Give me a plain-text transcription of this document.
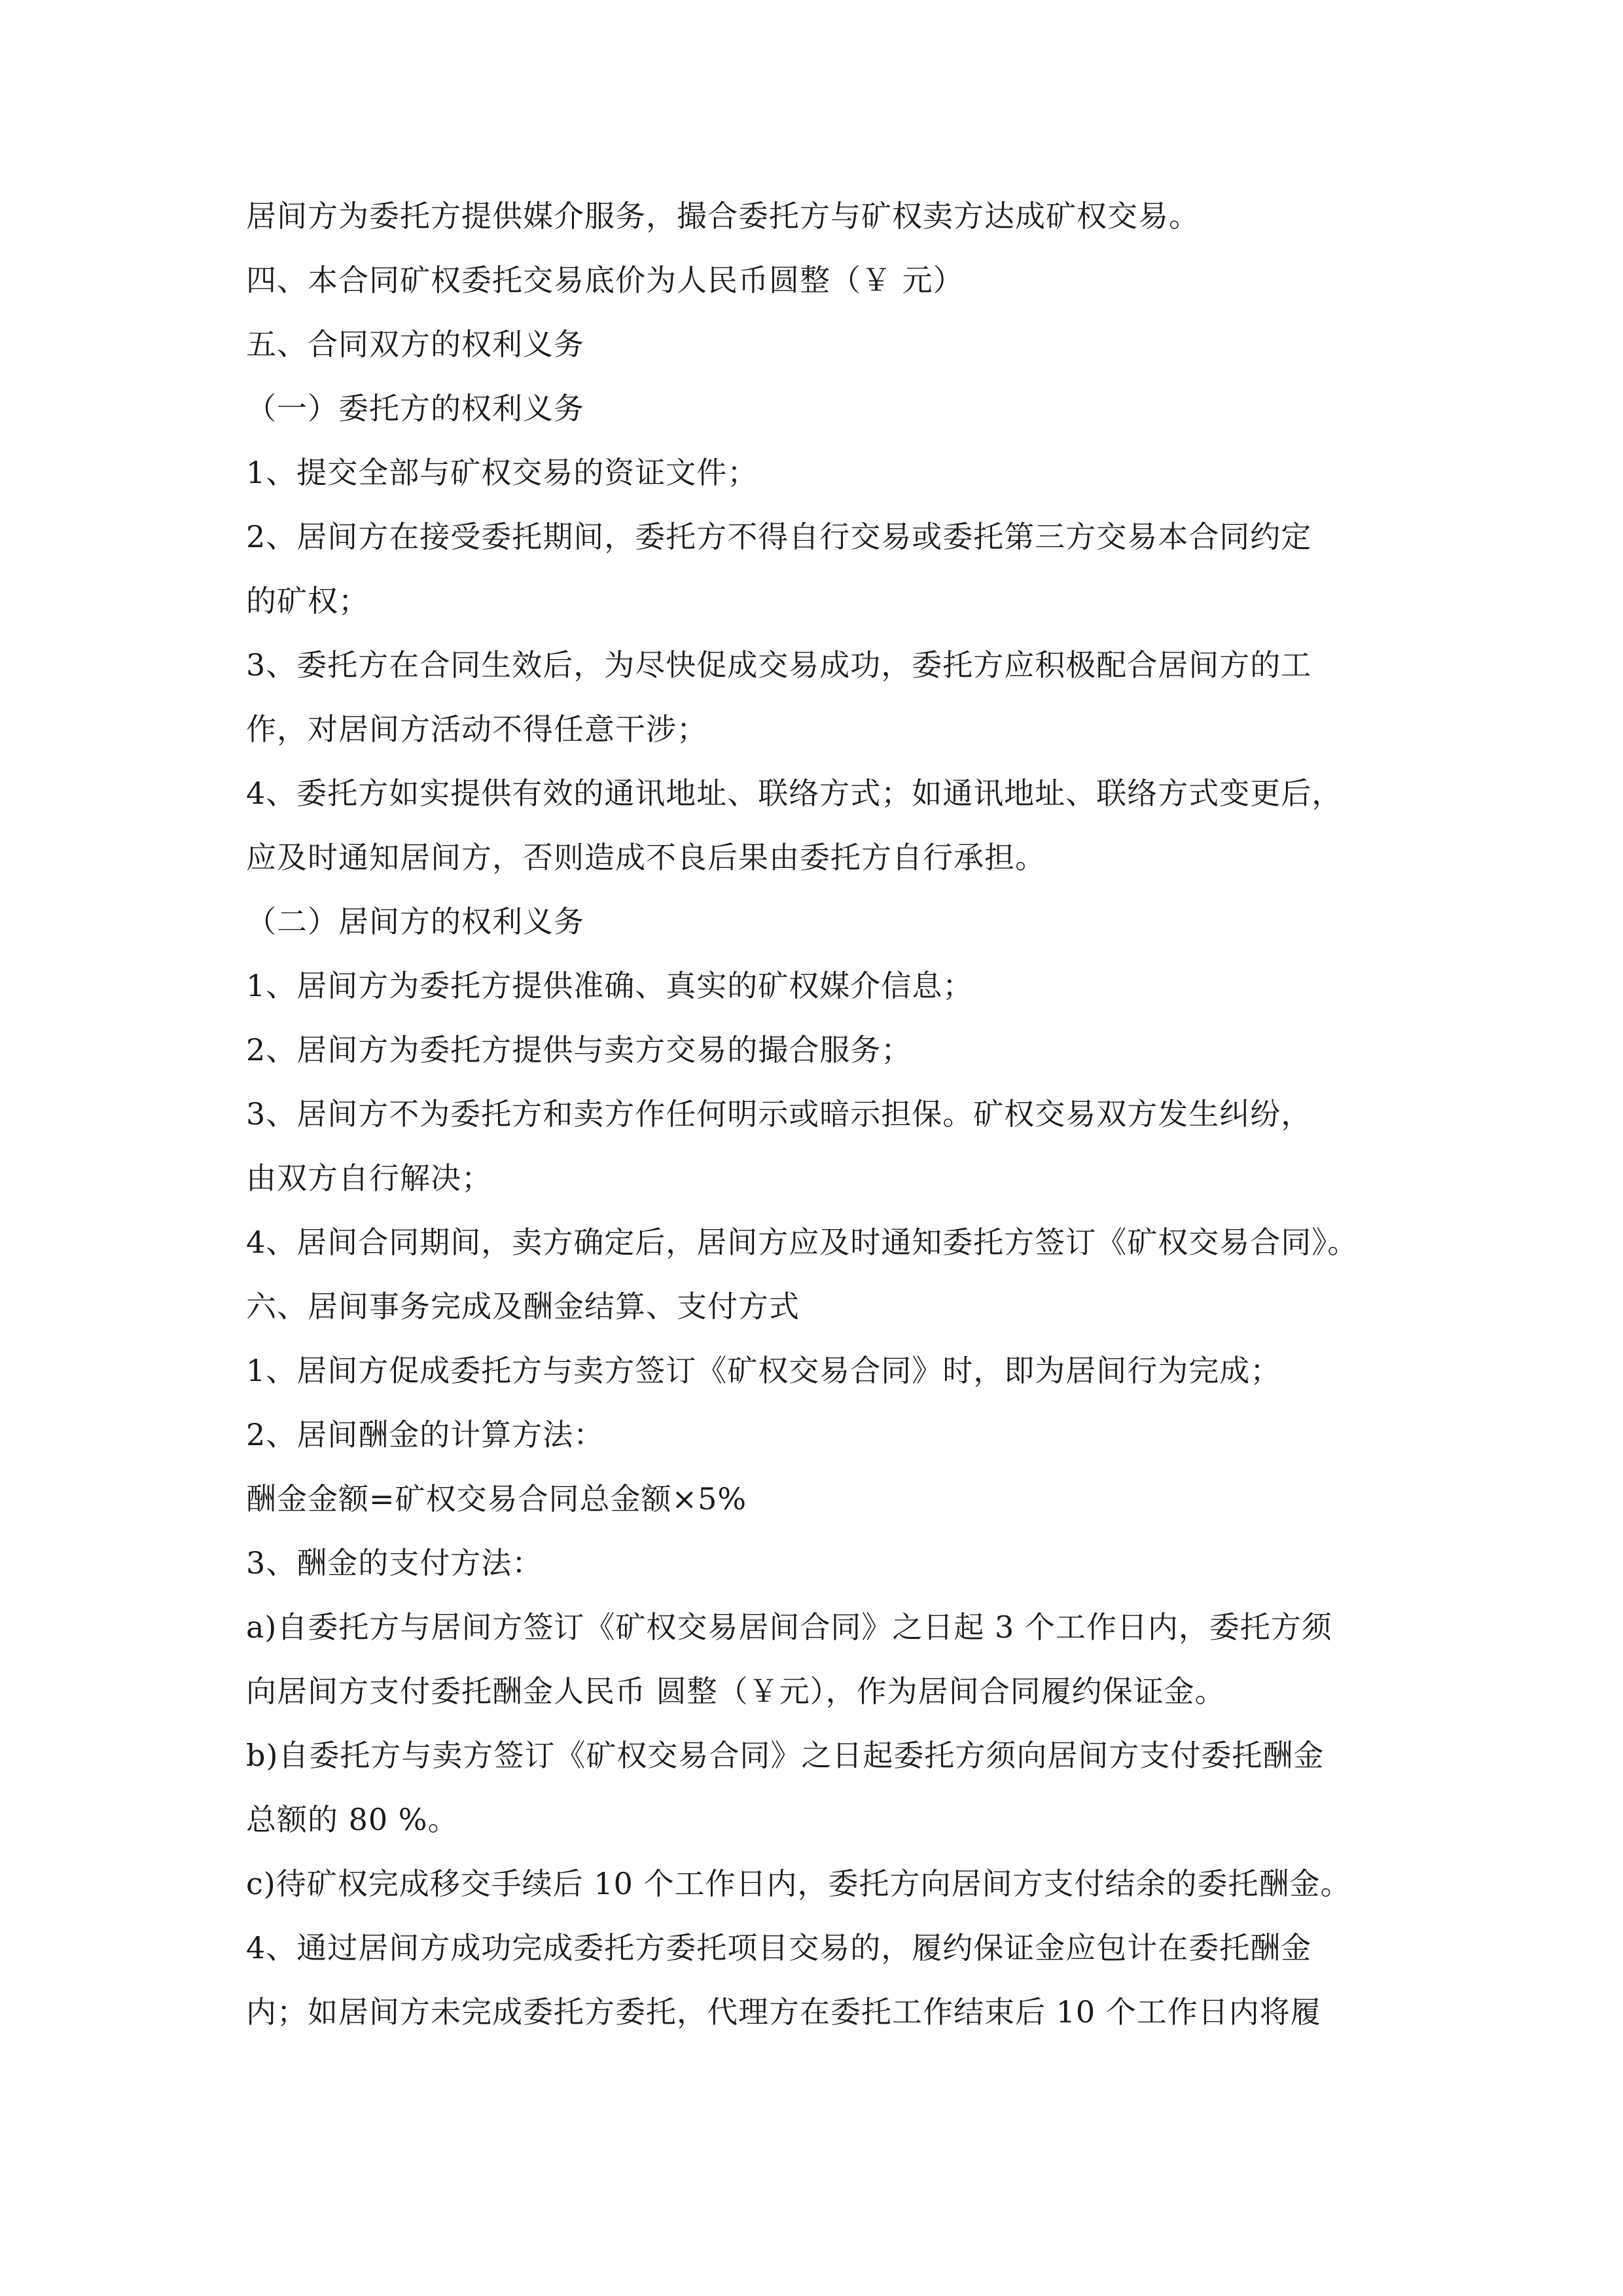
居间方为委托方提供媒介服务，撮合委托方与矿权卖方达成矿权交易。
四、本合同矿权委托交易底价为人民币圆整（￥ 元）
五、合同双方的权利义务
（一）委托方的权利义务
1、提交全部与矿权交易的资证文件；
2、居间方在接受委托期间，委托方不得自行交易或委托第三方交易本合同约定
的矿权；
3、委托方在合同生效后，为尽快促成交易成功，委托方应积极配合居间方的工
作，对居间方活动不得任意干涉；
4、委托方如实提供有效的通讯地址、联络方式；如通讯地址、联络方式变更后，
应及时通知居间方，否则造成不良后果由委托方自行承担。
（二）居间方的权利义务
1、居间方为委托方提供准确、真实的矿权媒介信息；
2、居间方为委托方提供与卖方交易的撮合服务；
3、居间方不为委托方和卖方作任何明示或暗示担保。矿权交易双方发生纠纷，
由双方自行解决；
4、居间合同期间，卖方确定后，居间方应及时通知委托方签订《矿权交易合同》。
六、居间事务完成及酬金结算、支付方式
1、居间方促成委托方与卖方签订《矿权交易合同》时，即为居间行为完成；
2、居间酬金的计算方法：
酬金金额=矿权交易合同总金额×5%
3、酬金的支付方法：
a)自委托方与居间方签订《矿权交易居间合同》之日起 3 个工作日内，委托方须
向居间方支付委托酬金人民币 圆整（￥元），作为居间合同履约保证金。
b)自委托方与卖方签订《矿权交易合同》之日起委托方须向居间方支付委托酬金
总额的 80 %。
c)待矿权完成移交手续后 10 个工作日内，委托方向居间方支付结余的委托酬金。
4、通过居间方成功完成委托方委托项目交易的，履约保证金应包计在委托酬金
内；如居间方未完成委托方委托，代理方在委托工作结束后 10 个工作日内将履
